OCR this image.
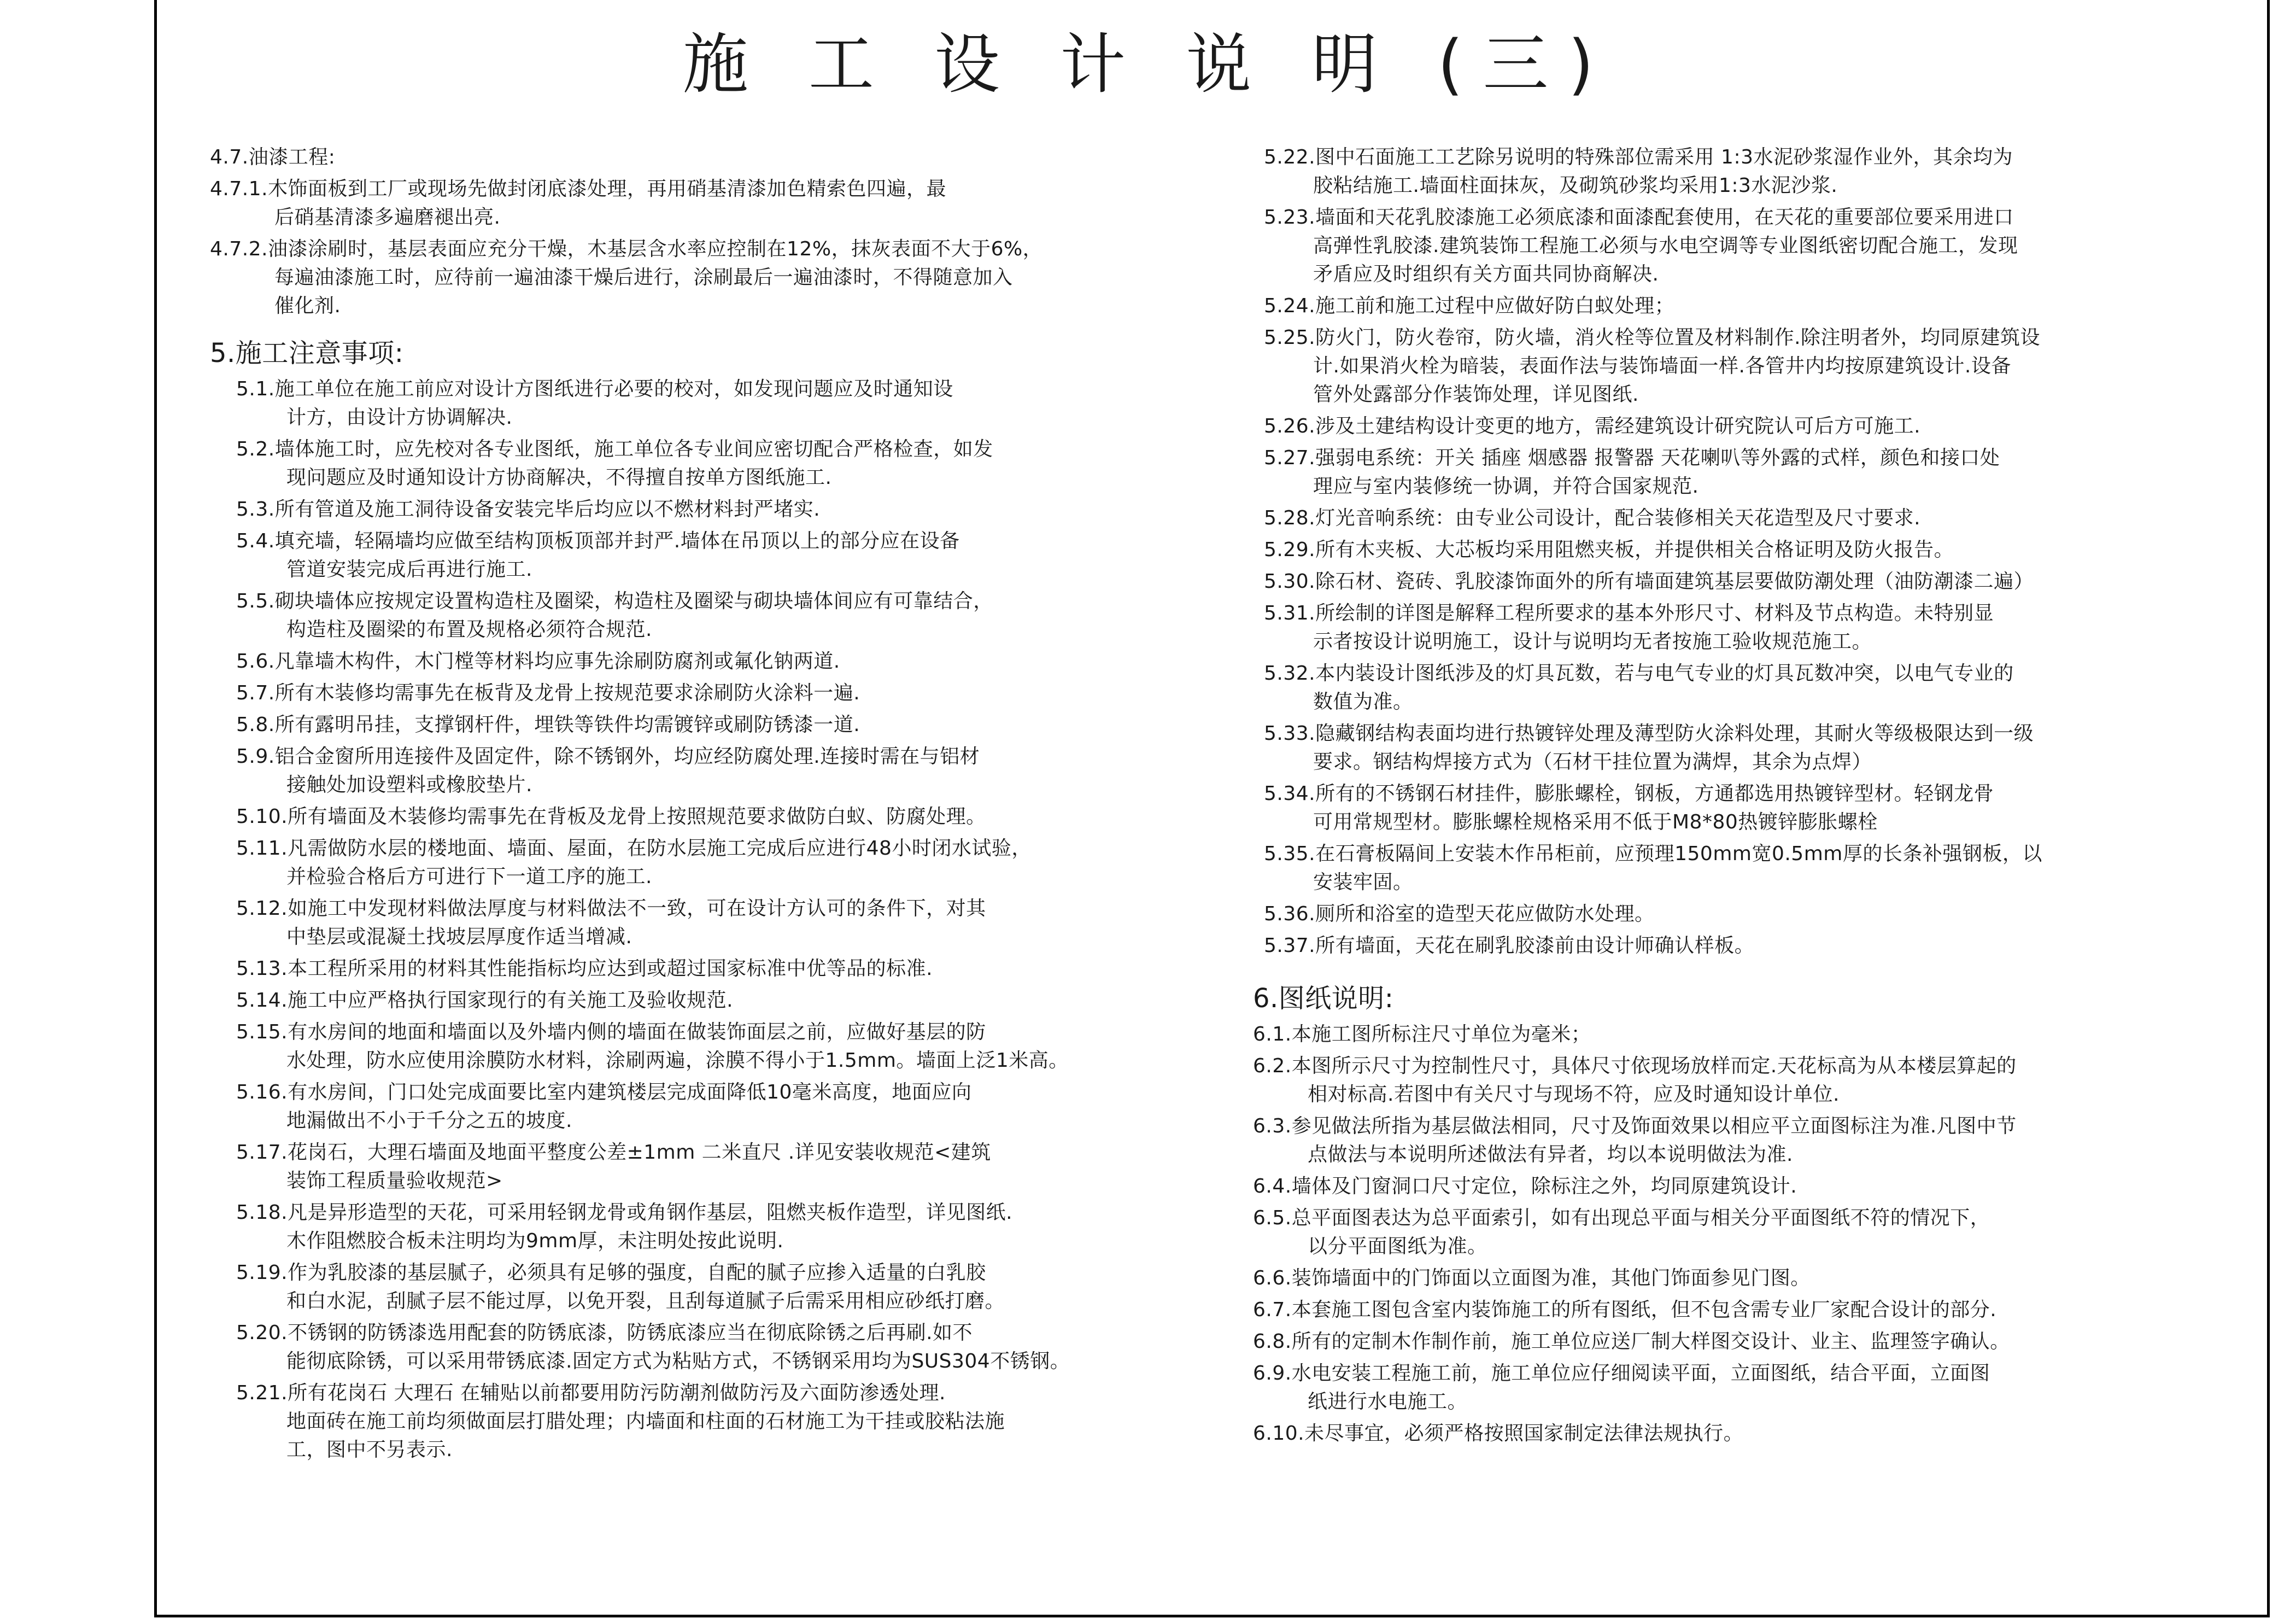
施 工 设 计 说 明 (三)
4.7.油漆工程:
4.7.1.木饰面板到工厂或现场先做封闭底漆处理，再用硝基清漆加色精索色四遍，最
后硝基清漆多遍磨褪出亮.
4.7.2.油漆涂刷时，基层表面应充分干燥，木基层含水率应控制在12%，抹灰表面不大于6%，
每遍油漆施工时，应待前一遍油漆干燥后进行，涂刷最后一遍油漆时，不得随意加入
催化剂.
5.施工注意事项:
5.1.施工单位在施工前应对设计方图纸进行必要的校对，如发现问题应及时通知设
计方，由设计方协调解决.
5.2.墙体施工时，应先校对各专业图纸，施工单位各专业间应密切配合严格检查，如发
现问题应及时通知设计方协商解决，不得擅自按单方图纸施工.
5.3.所有管道及施工洞待设备安装完毕后均应以不燃材料封严堵实.
5.4.填充墙，轻隔墙均应做至结构顶板顶部并封严.墙体在吊顶以上的部分应在设备
管道安装完成后再进行施工.
5.5.砌块墙体应按规定设置构造柱及圈梁，构造柱及圈梁与砌块墙体间应有可靠结合，
构造柱及圈梁的布置及规格必须符合规范.
5.6.凡靠墙木构件，木门樘等材料均应事先涂刷防腐剂或氟化钠两道.
5.7.所有木装修均需事先在板背及龙骨上按规范要求涂刷防火涂料一遍.
5.8.所有露明吊挂，支撑钢杆件，埋铁等铁件均需镀锌或刷防锈漆一道.
5.9.铝合金窗所用连接件及固定件，除不锈钢外，均应经防腐处理.连接时需在与铝材
接触处加设塑料或橡胶垫片.
5.10.所有墙面及木装修均需事先在背板及龙骨上按照规范要求做防白蚁、防腐处理。
5.11.凡需做防水层的楼地面、墙面、屋面，在防水层施工完成后应进行48小时闭水试验，
并检验合格后方可进行下一道工序的施工.
5.12.如施工中发现材料做法厚度与材料做法不一致，可在设计方认可的条件下，对其
中垫层或混凝土找坡层厚度作适当增减.
5.13.本工程所采用的材料其性能指标均应达到或超过国家标准中优等品的标准.
5.14.施工中应严格执行国家现行的有关施工及验收规范.
5.15.有水房间的地面和墙面以及外墙内侧的墙面在做装饰面层之前，应做好基层的防
水处理，防水应使用涂膜防水材料，涂刷两遍，涂膜不得小于1.5mm。墙面上泛1米高。
5.16.有水房间，门口处完成面要比室内建筑楼层完成面降低10毫米高度，地面应向
地漏做出不小于千分之五的坡度.
5.17.花岗石，大理石墙面及地面平整度公差±1mm 二米直尺 .详见安装收规范<建筑
装饰工程质量验收规范>
5.18.凡是异形造型的天花，可采用轻钢龙骨或角钢作基层，阻燃夹板作造型，详见图纸.
木作阻燃胶合板未注明均为9mm厚，未注明处按此说明.
5.19.作为乳胶漆的基层腻子，必须具有足够的强度，自配的腻子应掺入适量的白乳胶
和白水泥，刮腻子层不能过厚，以免开裂，且刮每道腻子后需采用相应砂纸打磨。
5.20.不锈钢的防锈漆选用配套的防锈底漆，防锈底漆应当在彻底除锈之后再刷.如不
能彻底除锈，可以采用带锈底漆.固定方式为粘贴方式，不锈钢采用均为SUS304不锈钢。
5.21.所有花岗石 大理石 在辅贴以前都要用防污防潮剂做防污及六面防渗透处理.
地面砖在施工前均须做面层打腊处理；内墙面和柱面的石材施工为干挂或胶粘法施
工，图中不另表示.
5.22.图中石面施工工艺除另说明的特殊部位需采用 1:3水泥砂浆湿作业外，其余均为
胶粘结施工.墙面柱面抹灰，及砌筑砂浆均采用1:3水泥沙浆.
5.23.墙面和天花乳胶漆施工必须底漆和面漆配套使用，在天花的重要部位要采用进口
高弹性乳胶漆.建筑装饰工程施工必须与水电空调等专业图纸密切配合施工，发现
矛盾应及时组织有关方面共同协商解决.
5.24.施工前和施工过程中应做好防白蚁处理；
5.25.防火门，防火卷帘，防火墙，消火栓等位置及材料制作.除注明者外，均同原建筑设
计.如果消火栓为暗装，表面作法与装饰墙面一样.各管井内均按原建筑设计.设备
管外处露部分作装饰处理，详见图纸.
5.26.涉及土建结构设计变更的地方，需经建筑设计研究院认可后方可施工.
5.27.强弱电系统：开关 插座 烟感器 报警器 天花喇叭等外露的式样，颜色和接口处
理应与室内装修统一协调，并符合国家规范.
5.28.灯光音响系统：由专业公司设计，配合装修相关天花造型及尺寸要求.
5.29.所有木夹板、大芯板均采用阻燃夹板，并提供相关合格证明及防火报告。
5.30.除石材、瓷砖、乳胶漆饰面外的所有墙面建筑基层要做防潮处理（油防潮漆二遍）
5.31.所绘制的详图是解释工程所要求的基本外形尺寸、材料及节点构造。未特别显
示者按设计说明施工，设计与说明均无者按施工验收规范施工。
5.32.本内装设计图纸涉及的灯具瓦数，若与电气专业的灯具瓦数冲突，以电气专业的
数值为准。
5.33.隐藏钢结构表面均进行热镀锌处理及薄型防火涂料处理，其耐火等级极限达到一级
要求。钢结构焊接方式为（石材干挂位置为满焊，其余为点焊）
5.34.所有的不锈钢石材挂件，膨胀螺栓，钢板，方通都选用热镀锌型材。轻钢龙骨
可用常规型材。膨胀螺栓规格采用不低于M8*80热镀锌膨胀螺栓
5.35.在石膏板隔间上安装木作吊柜前，应预理150mm宽0.5mm厚的长条补强钢板，以
安装牢固。
5.36.厕所和浴室的造型天花应做防水处理。
5.37.所有墙面，天花在刷乳胶漆前由设计师确认样板。
6.图纸说明:
6.1.本施工图所标注尺寸单位为毫米；
6.2.本图所示尺寸为控制性尺寸，具体尺寸依现场放样而定.天花标高为从本楼层算起的
相对标高.若图中有关尺寸与现场不符，应及时通知设计单位.
6.3.参见做法所指为基层做法相同，尺寸及饰面效果以相应平立面图标注为准.凡图中节
点做法与本说明所述做法有异者，均以本说明做法为准.
6.4.墙体及门窗洞口尺寸定位，除标注之外，均同原建筑设计.
6.5.总平面图表达为总平面索引，如有出现总平面与相关分平面图纸不符的情况下，
以分平面图纸为准。
6.6.装饰墙面中的门饰面以立面图为准，其他门饰面参见门图。
6.7.本套施工图包含室内装饰施工的所有图纸，但不包含需专业厂家配合设计的部分.
6.8.所有的定制木作制作前，施工单位应送厂制大样图交设计、业主、监理签字确认。
6.9.水电安装工程施工前，施工单位应仔细阅读平面，立面图纸，结合平面，立面图
纸进行水电施工。
6.10.未尽事宜，必须严格按照国家制定法律法规执行。
